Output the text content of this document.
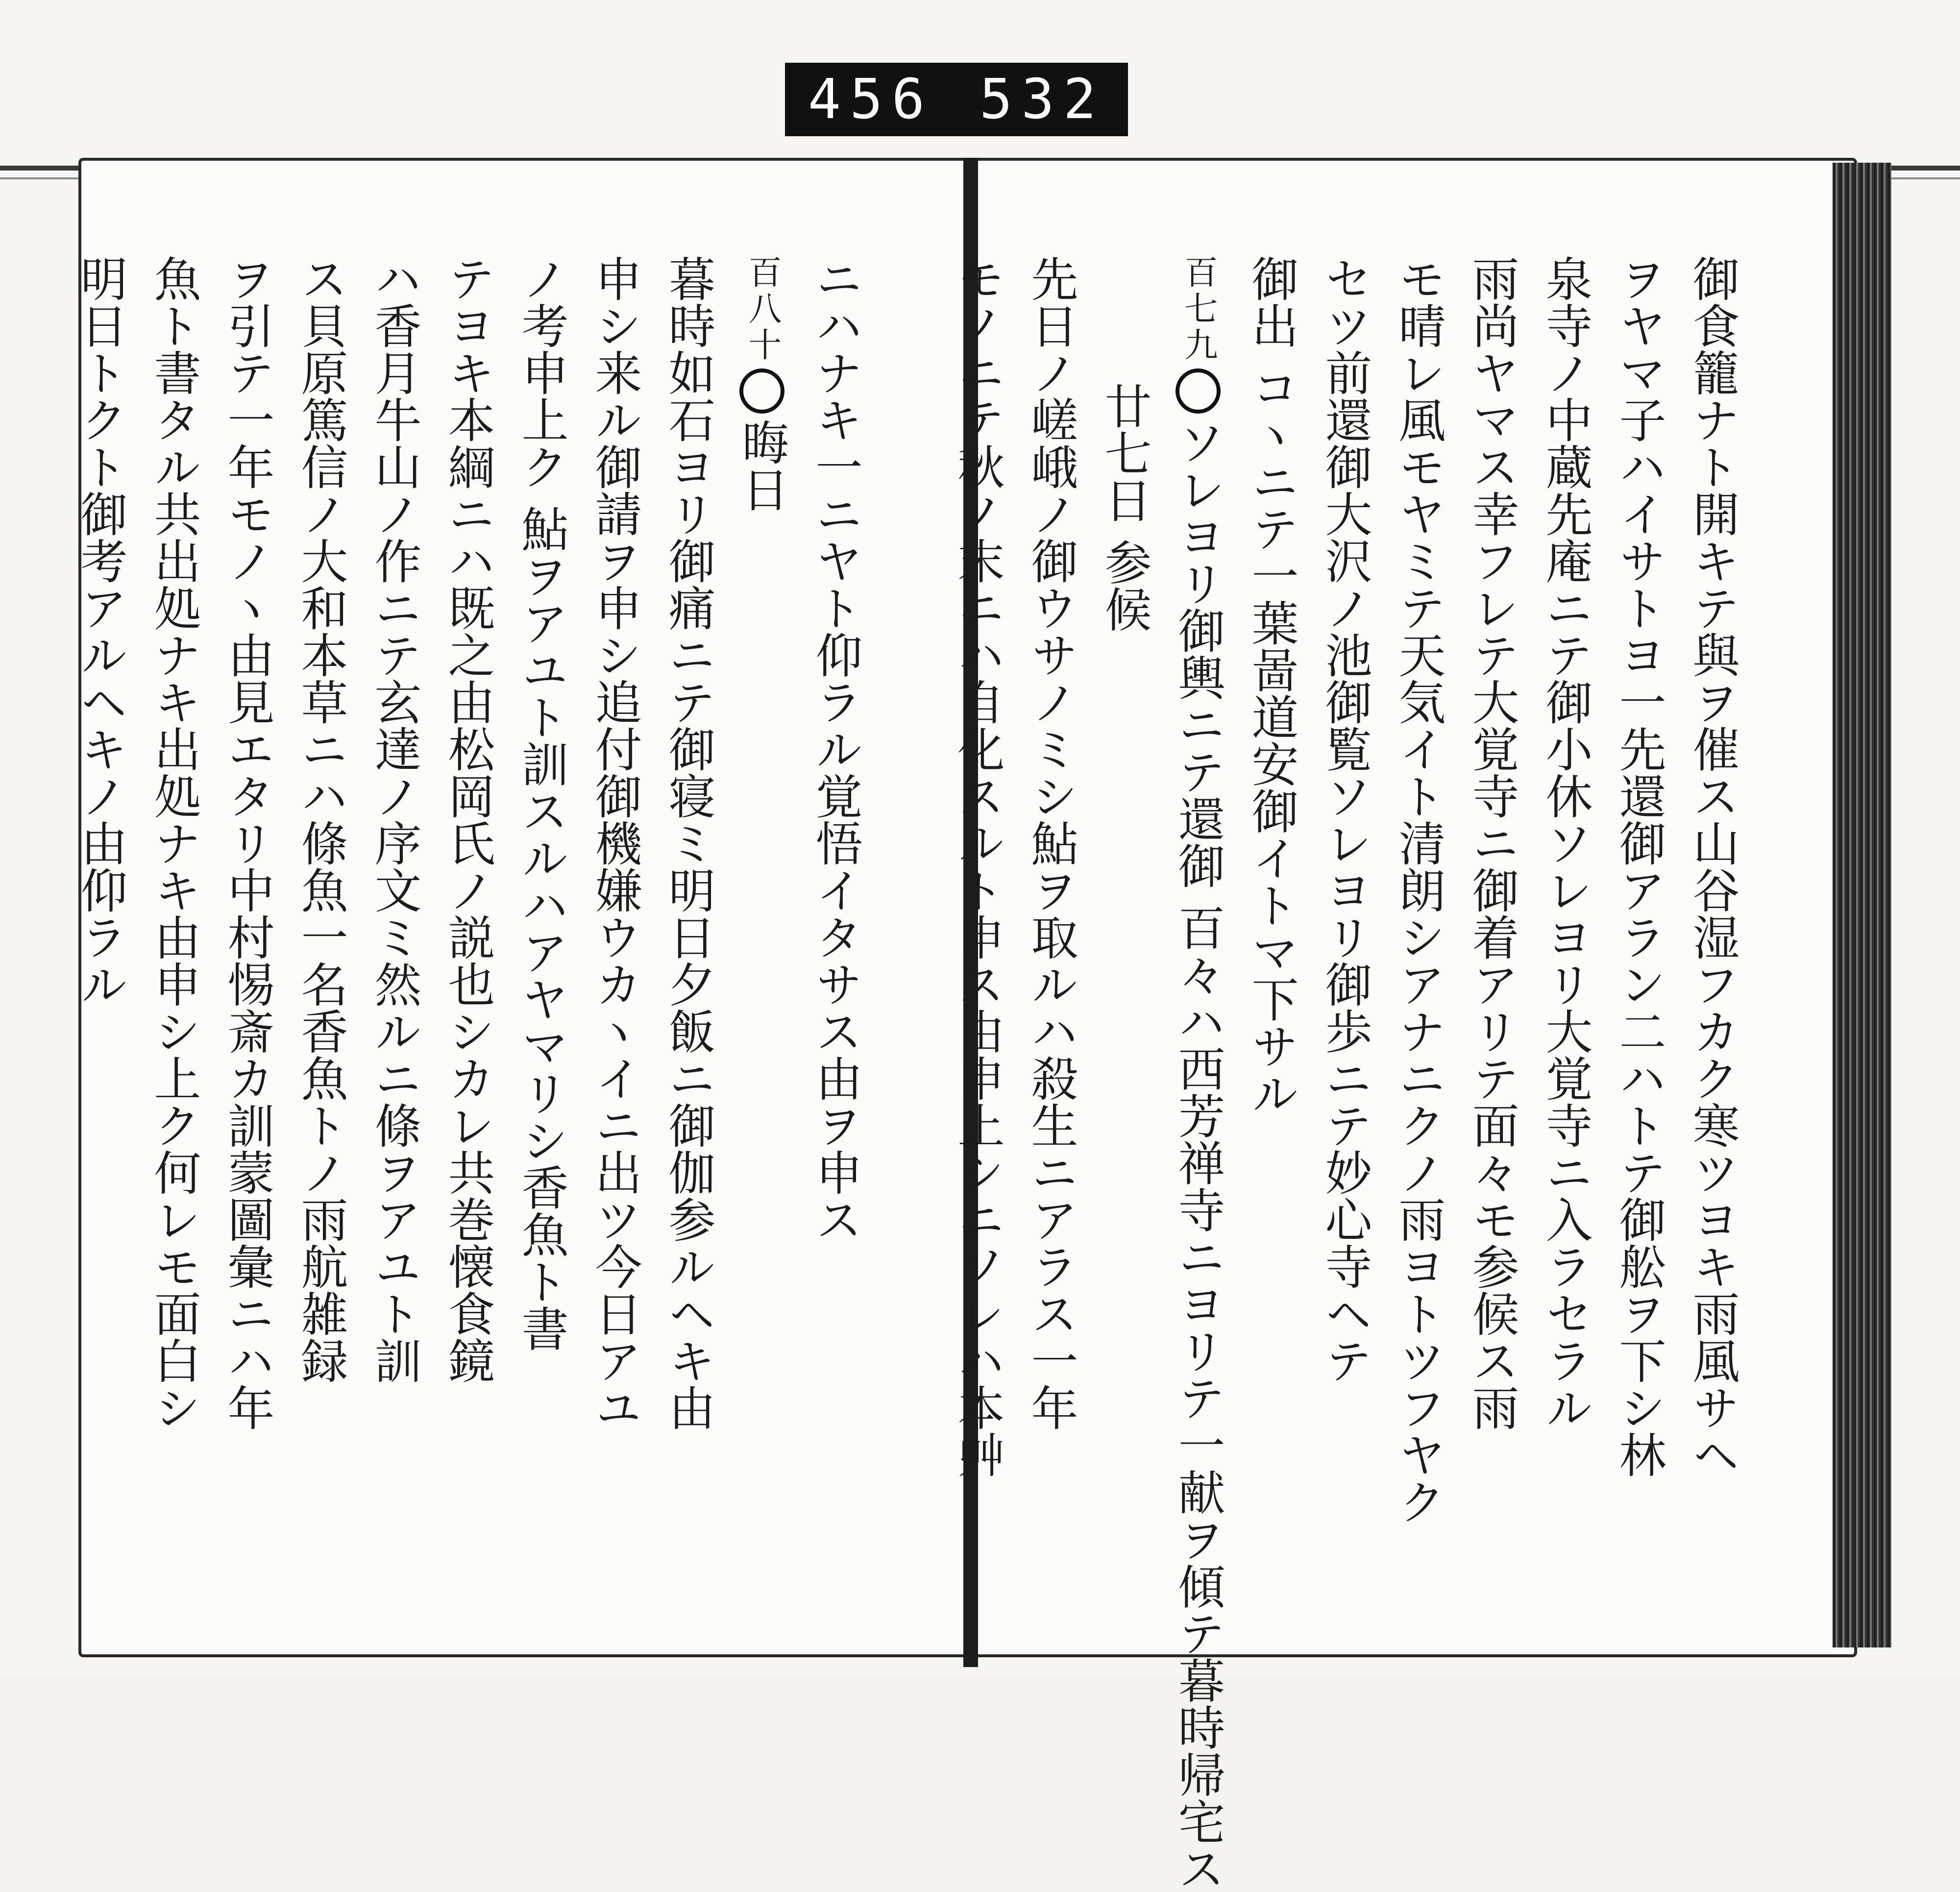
456 532
御食籠ナト開キテ與ヲ催ス山谷湿フカク寒ツヨキ雨風サヘ
ヲヤマ子ハイサトヨ一先還御アラン二ハトテ御舩ヲ下シ林
泉寺ノ中蔵先庵ニテ御小休ソレヨリ大覚寺ニ入ラセラル
雨尚ヤマス幸フレテ大覚寺ニ御着アリテ面々モ参候ス雨
モ晴レ風モヤミテ天気イト清朗シアナニクノ雨ヨトツフヤク
セツ前還御大沢ノ池御覧ソレヨリ御歩ニテ妙心寺ヘテ
御出 コヽニテ一葉啚道安御イトマ下サル
百七九ソレヨリ御輿ニテ還御 百々ハ西芳禅寺ニヨリテ一献ヲ傾テ暮時帰宅ス
廿七日 参候
先日ノ嵯峨ノ御ウサノミシ鮎ヲ取ルハ殺生ニアラス一年
モノニテ秋ノ末ニハ自化スルト申ス由申上シニソレハ本艸
ニハナキ一ニヤト仰ラル覚悟イタサス由ヲ申ス
百八十晦日
暮時如石ヨリ御痛ニテ御寝ミ明日夕飯ニ御伽参ルヘキ由
申シ来ル御請ヲ申シ追付御機嫌ウカヽイニ出ツ今日アユ
ノ考申上ク 鮎ヲアユト訓スルハアヤマリシ香魚ト書
テヨキ本綱ニハ既之由松岡氏ノ説也シカレ共巻懐食鏡
ハ香月牛山ノ作ニテ玄達ノ序文ミ然ルニ條ヲアユト訓
ス貝原篤信ノ大和本草ニハ條魚一名香魚トノ雨航雑録
ヲ引テ一年モノヽ由見エタリ中村惕斎カ訓蒙圖彙ニハ年
魚ト書タル共出処ナキ出処ナキ由申シ上ク何レモ面白シ
明日トクト御考アルヘキノ由仰ラル
